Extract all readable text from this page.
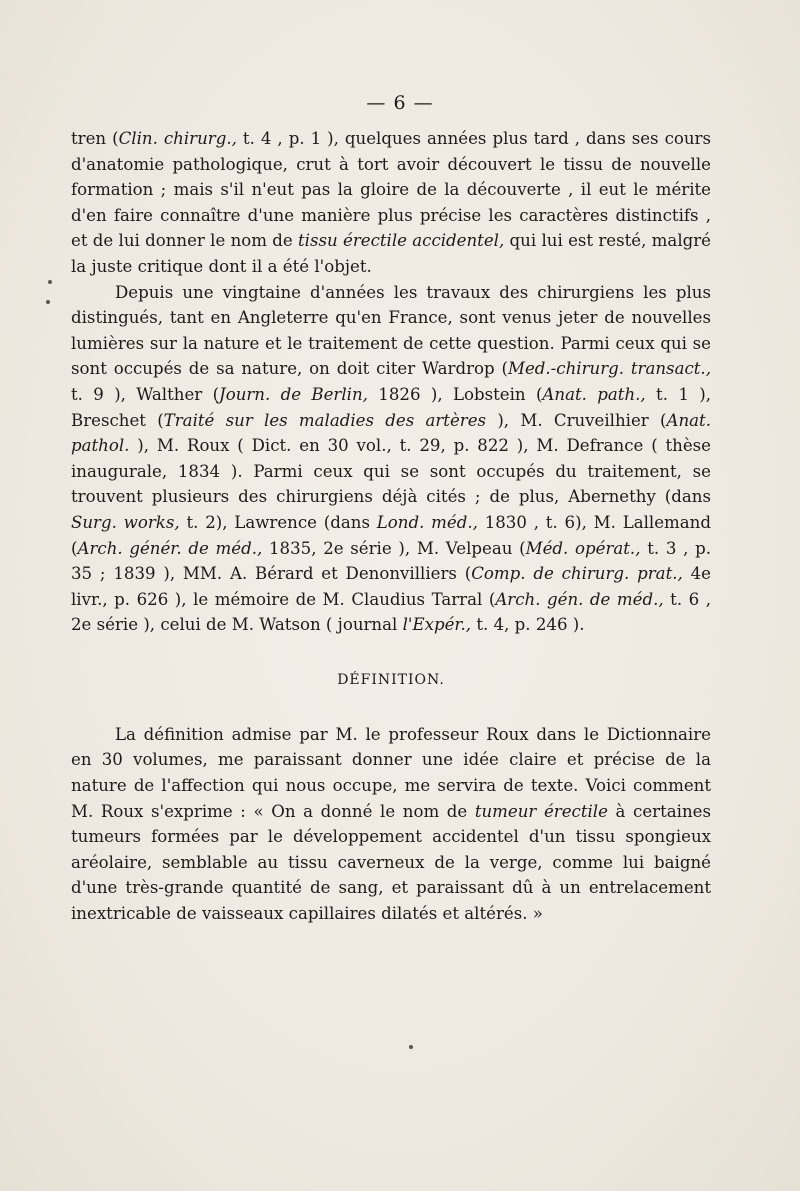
— 6 —

tren (Clin. chirurg., t. 4 , p. 1 ), quelques années plus tard , dans ses cours d'anatomie pathologique, crut à tort avoir découvert le tissu de nouvelle formation ; mais s'il n'eut pas la gloire de la découverte , il eut le mérite d'en faire connaître d'une manière plus précise les caractères distinctifs , et de lui donner le nom de tissu érectile accidentel, qui lui est resté, malgré la juste critique dont il a été l'objet.

Depuis une vingtaine d'années les travaux des chirurgiens les plus distingués, tant en Angleterre qu'en France, sont venus jeter de nouvelles lumières sur la nature et le traitement de cette question. Parmi ceux qui se sont occupés de sa nature, on doit citer Wardrop (Med.-chirurg. transact., t. 9 ), Walther (Journ. de Berlin, 1826 ), Lobstein (Anat. path., t. 1 ), Breschet (Traité sur les maladies des artères ), M. Cruveilhier (Anat. pathol. ), M. Roux ( Dict. en 30 vol., t. 29, p. 822 ), M. Defrance ( thèse inaugurale, 1834 ). Parmi ceux qui se sont occupés du traitement, se trouvent plusieurs des chirurgiens déjà cités ; de plus, Abernethy (dans Surg. works, t. 2), Lawrence (dans Lond. méd., 1830 , t. 6), M. Lallemand (Arch. génér. de méd., 1835, 2e série ), M. Velpeau (Méd. opérat., t. 3 , p. 35 ; 1839 ), MM. A. Bérard et Denonvilliers (Comp. de chirurg. prat., 4e livr., p. 626 ), le mémoire de M. Claudius Tarral (Arch. gén. de méd., t. 6 , 2e série ), celui de M. Watson ( journal l'Expér., t. 4, p. 246 ).

DÉFINITION.

La définition admise par M. le professeur Roux dans le Dictionnaire en 30 volumes, me paraissant donner une idée claire et précise de la nature de l'affection qui nous occupe, me servira de texte. Voici comment M. Roux s'exprime : « On a donné le nom de tumeur érectile à certaines tumeurs formées par le développement accidentel d'un tissu spongieux aréolaire, semblable au tissu caverneux de la verge, comme lui baigné d'une très-grande quantité de sang, et paraissant dû à un entrelacement inextricable de vaisseaux capillaires dilatés et altérés. »
